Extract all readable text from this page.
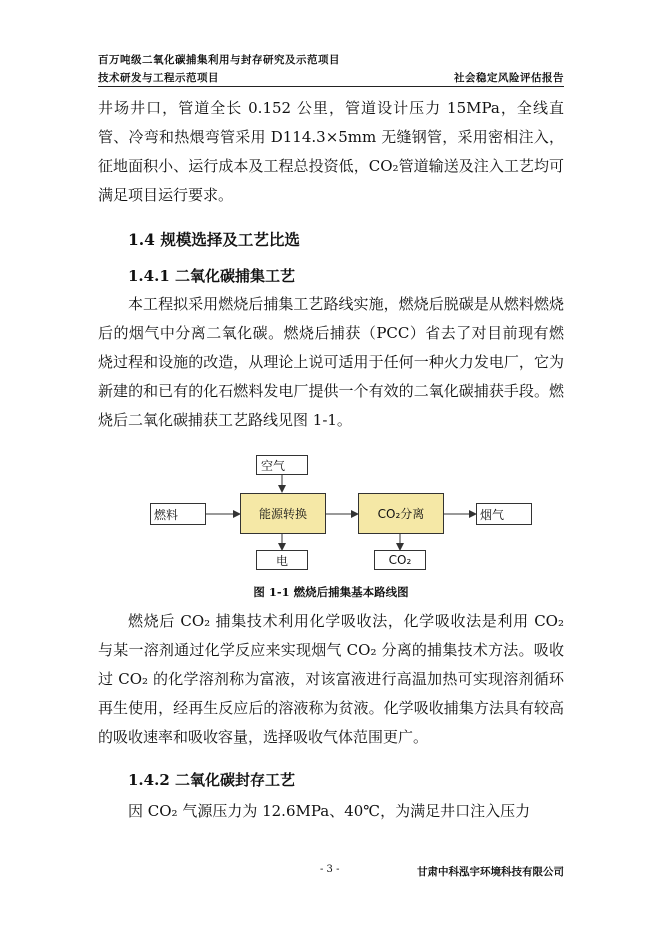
百万吨级二氧化碳捕集利用与封存研究及示范项目
技术研发与工程示范项目	社会稳定风险评估报告

井场井口，管道全长 0.152 公里，管道设计压力 15MPa，全线直管、冷弯和热煨弯管采用 D114.3×5mm 无缝钢管，采用密相注入，征地面积小、运行成本及工程总投资低，CO₂管道输送及注入工艺均可满足项目运行要求。

1.4 规模选择及工艺比选

1.4.1 二氧化碳捕集工艺

本工程拟采用燃烧后捕集工艺路线实施，燃烧后脱碳是从燃料燃烧后的烟气中分离二氧化碳。燃烧后捕获（PCC）省去了对目前现有燃烧过程和设施的改造，从理论上说可适用于任何一种火力发电厂，它为新建的和已有的化石燃料发电厂提供一个有效的二氧化碳捕获手段。燃烧后二氧化碳捕获工艺路线见图 1-1。

空气
燃料	能源转换	CO₂分离	烟气
电	CO₂

图 1-1 燃烧后捕集基本路线图

燃烧后 CO₂ 捕集技术利用化学吸收法，化学吸收法是利用 CO₂ 与某一溶剂通过化学反应来实现烟气 CO₂ 分离的捕集技术方法。吸收过 CO₂ 的化学溶剂称为富液，对该富液进行高温加热可实现溶剂循环再生使用，经再生反应后的溶液称为贫液。化学吸收捕集方法具有较高的吸收速率和吸收容量，选择吸收气体范围更广。

1.4.2 二氧化碳封存工艺

因 CO₂ 气源压力为 12.6MPa、40℃，为满足井口注入压力

- 3 -	甘肃中科泓宇环境科技有限公司
